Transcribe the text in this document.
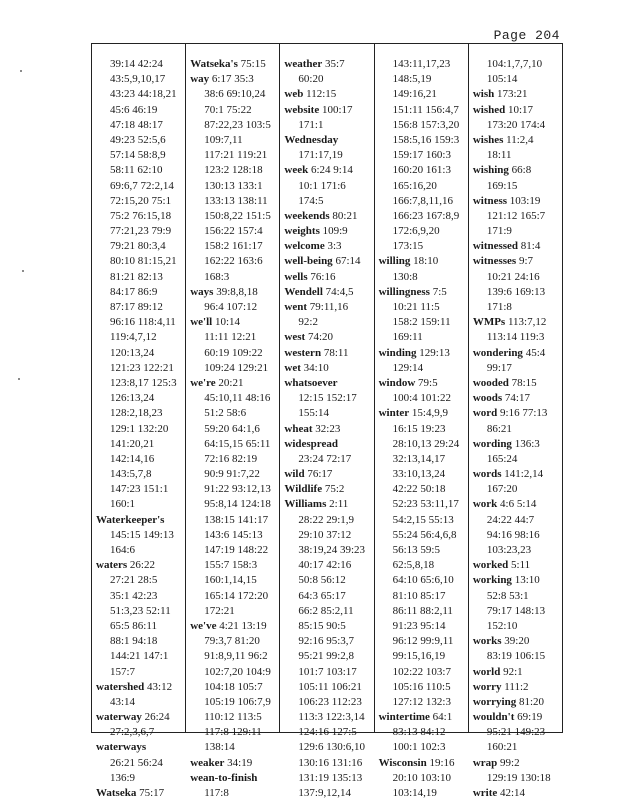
Page 204
39:14 42:24
43:5,9,10,17
43:23 44:18,21
45:6 46:19
47:18 48:17
49:23 52:5,6
57:14 58:8,9
58:11 62:10
69:6,7 72:2,14
72:15,20 75:1
75:2 76:15,18
77:21,23 79:9
79:21 80:3,4
80:10 81:15,21
81:21 82:13
84:17 86:9
87:17 89:12
96:16 118:4,11
119:4,7,12
120:13,24
121:23 122:21
123:8,17 125:3
126:13,24
128:2,18,23
129:1 132:20
141:20,21
142:14,16
143:5,7,8
147:23 151:1
160:1
Waterkeeper's
145:15 149:13
164:6
waters 26:22
27:21 28:5
35:1 42:23
51:3,23 52:11
65:5 86:11
88:1 94:18
144:21 147:1
157:7
watershed 43:12
43:14
waterway 26:24
27:2,3,6,7
waterways
26:21 56:24
136:9
Watseka 75:17
Watseka's 75:15
way 6:17 35:3
38:6 69:10,24
70:1 75:22
87:22,23 103:5
109:7,11
117:21 119:21
123:2 128:18
130:13 133:1
133:13 138:11
150:8,22 151:5
156:22 157:4
158:2 161:17
162:22 163:6
168:3
ways 39:8,8,18
96:4 107:12
we'll 10:14
11:11 12:21
60:19 109:22
109:24 129:21
we're 20:21
45:10,11 48:16
51:2 58:6
59:20 64:1,6
64:15,15 65:11
72:16 82:19
90:9 91:7,22
91:22 93:12,13
95:8,14 124:18
138:15 141:17
143:6 145:13
147:19 148:22
155:7 158:3
160:1,14,15
165:14 172:20
172:21
we've 4:21 13:19
79:3,7 81:20
91:8,9,11 96:2
102:7,20 104:9
104:18 105:7
105:19 106:7,9
110:12 113:5
117:8 129:11
138:14
weaker 34:19
wean-to-finish
117:8
weather 35:7
60:20
web 112:15
website 100:17
171:1
Wednesday
171:17,19
week 6:24 9:14
10:1 171:6
174:5
weekends 80:21
weights 109:9
welcome 3:3
well-being 67:14
wells 76:16
Wendell 74:4,5
went 79:11,16
92:2
west 74:20
western 78:11
wet 34:10
whatsoever
12:15 152:17
155:14
wheat 32:23
widespread
23:24 72:17
wild 76:17
Wildlife 75:2
Williams 2:11
28:22 29:1,9
29:10 37:12
38:19,24 39:23
40:17 42:16
50:8 56:12
64:3 65:17
66:2 85:2,11
85:15 90:5
92:16 95:3,7
95:21 99:2,8
101:7 103:17
105:11 106:21
106:23 112:23
113:3 122:3,14
124:16 127:5
129:6 130:6,10
130:16 131:16
131:19 135:13
137:9,12,14
143:11,17,23
148:5,19
149:16,21
151:11 156:4,7
156:8 157:3,20
158:5,16 159:3
159:17 160:3
160:20 161:3
165:16,20
166:7,8,11,16
166:23 167:8,9
172:6,9,20
173:15
willing 18:10
130:8
willingness 7:5
10:21 11:5
158:2 159:11
169:11
winding 129:13
129:14
window 79:5
100:4 101:22
winter 15:4,9,9
16:15 19:23
28:10,13 29:24
32:13,14,17
33:10,13,24
42:22 50:18
52:23 53:11,17
54:2,15 55:13
55:24 56:4,6,8
56:13 59:5
62:5,8,18
64:10 65:6,10
81:10 85:17
86:11 88:2,11
91:23 95:14
96:12 99:9,11
99:15,16,19
102:22 103:7
105:16 110:5
127:12 132:3
wintertime 64:1
83:13 84:12
100:1 102:3
Wisconsin 19:16
20:10 103:10
103:14,19
104:1,7,7,10
105:14
wish 173:21
wished 10:17
173:20 174:4
wishes 11:2,4
18:11
wishing 66:8
169:15
witness 103:19
121:12 165:7
171:9
witnessed 81:4
witnesses 9:7
10:21 24:16
139:6 169:13
171:8
WMPs 113:7,12
113:14 119:3
wondering 45:4
99:17
wooded 78:15
woods 74:17
word 9:16 77:13
86:21
wording 136:3
165:24
words 141:2,14
167:20
work 4:6 5:14
24:22 44:7
94:16 98:16
103:23,23
worked 5:11
working 13:10
52:8 53:1
79:17 148:13
152:10
works 39:20
83:19 106:15
world 92:1
worry 111:2
worrying 81:20
wouldn't 69:19
95:21 149:23
160:21
wrap 99:2
129:19 130:18
write 42:14
